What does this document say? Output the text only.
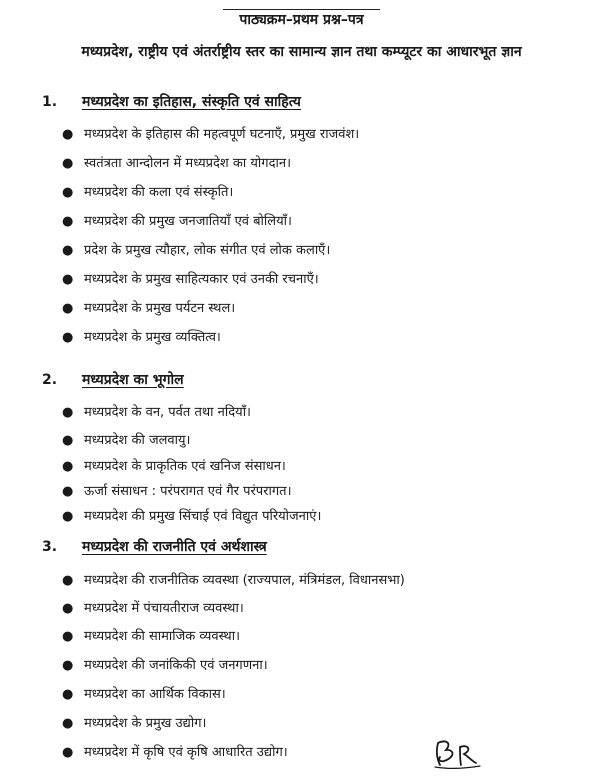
पाठ्यक्रम–प्रथम प्रश्न–पत्र
मध्यप्रदेश, राष्ट्रीय एवं अंतर्राष्ट्रीय स्तर का सामान्य ज्ञान तथा कम्प्यूटर का आधारभूत ज्ञान
1. मध्यप्रदेश का इतिहास, संस्कृति एवं साहित्य
● मध्यप्रदेश के इतिहास की महत्वपूर्ण घटनाएँ, प्रमुख राजवंश।
● स्वतंत्रता आन्दोलन में मध्यप्रदेश का योगदान।
● मध्यप्रदेश की कला एवं संस्कृति।
● मध्यप्रदेश की प्रमुख जनजातियाँ एवं बोलियाँ।
● प्रदेश के प्रमुख त्यौहार, लोक संगीत एवं लोक कलाएँ।
● मध्यप्रदेश के प्रमुख साहित्यकार एवं उनकी रचनाएँ।
● मध्यप्रदेश के प्रमुख पर्यटन स्थल।
● मध्यप्रदेश के प्रमुख व्यक्तित्व।
2. मध्यप्रदेश का भूगोल
● मध्यप्रदेश के वन, पर्वत तथा नदियाँ।
● मध्यप्रदेश की जलवायु।
● मध्यप्रदेश के प्राकृतिक एवं खनिज संसाधन।
● ऊर्जा संसाधन : परंपरागत एवं गैर परंपरागत।
● मध्यप्रदेश की प्रमुख सिंचाई एवं विद्युत परियोजनाएं।
3. मध्यप्रदेश की राजनीति एवं अर्थशास्त्र
● मध्यप्रदेश की राजनीतिक व्यवस्था (राज्यपाल, मंत्रिमंडल, विधानसभा)
● मध्यप्रदेश में पंचायतीराज व्यवस्था।
● मध्यप्रदेश की सामाजिक व्यवस्था।
● मध्यप्रदेश की जनांकिकी एवं जनगणना।
● मध्यप्रदेश का आर्थिक विकास।
● मध्यप्रदेश के प्रमुख उद्योग।
● मध्यप्रदेश में कृषि एवं कृषि आधारित उद्योग।
